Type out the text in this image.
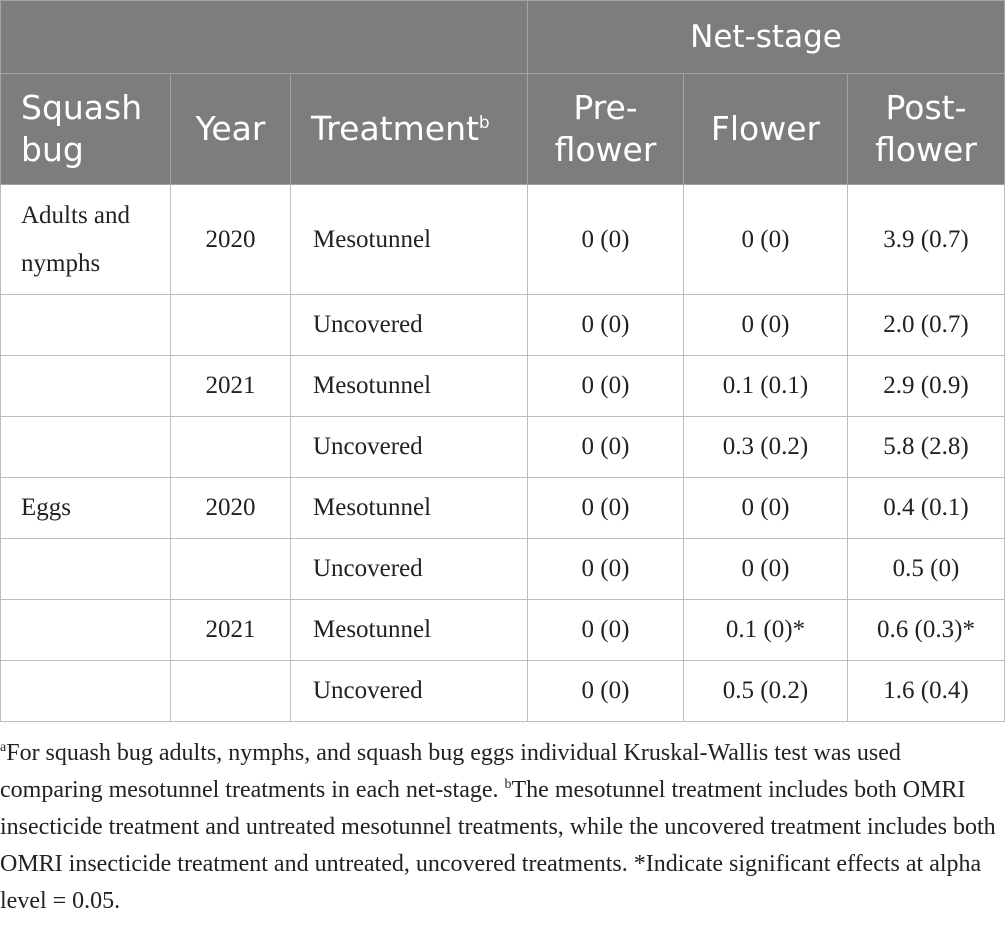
			Net-stage		
Squash bug	Year	Treatment$^b$	Pre-flower	Flower	Post-flower
Adults and nymphs	2020	Mesotunnel	0 (0)	0 (0)	3.9 (0.7)
		Uncovered	0 (0)	0 (0)	2.0 (0.7)
	2021	Mesotunnel	0 (0)	0.1 (0.1)	2.9 (0.9)
		Uncovered	0 (0)	0.3 (0.2)	5.8 (2.8)
Eggs	2020	Mesotunnel	0 (0)	0 (0)	0.4 (0.1)
		Uncovered	0 (0)	0 (0)	0.5 (0)
	2021	Mesotunnel	0 (0)	0.1 (0)*	0.6 (0.3)*
		Uncovered	0 (0)	0.5 (0.2)	1.6 (0.4)
$^a$For squash bug adults, nymphs, and squash bug eggs individual Kruskal-Wallis test was used comparing mesotunnel treatments in each net-stage. $^b$The mesotunnel treatment includes both OMRI insecticide treatment and untreated mesotunnel treatments, while the uncovered treatment includes both OMRI insecticide treatment and untreated, uncovered treatments. *Indicate significant effects at alpha level = 0.05.
